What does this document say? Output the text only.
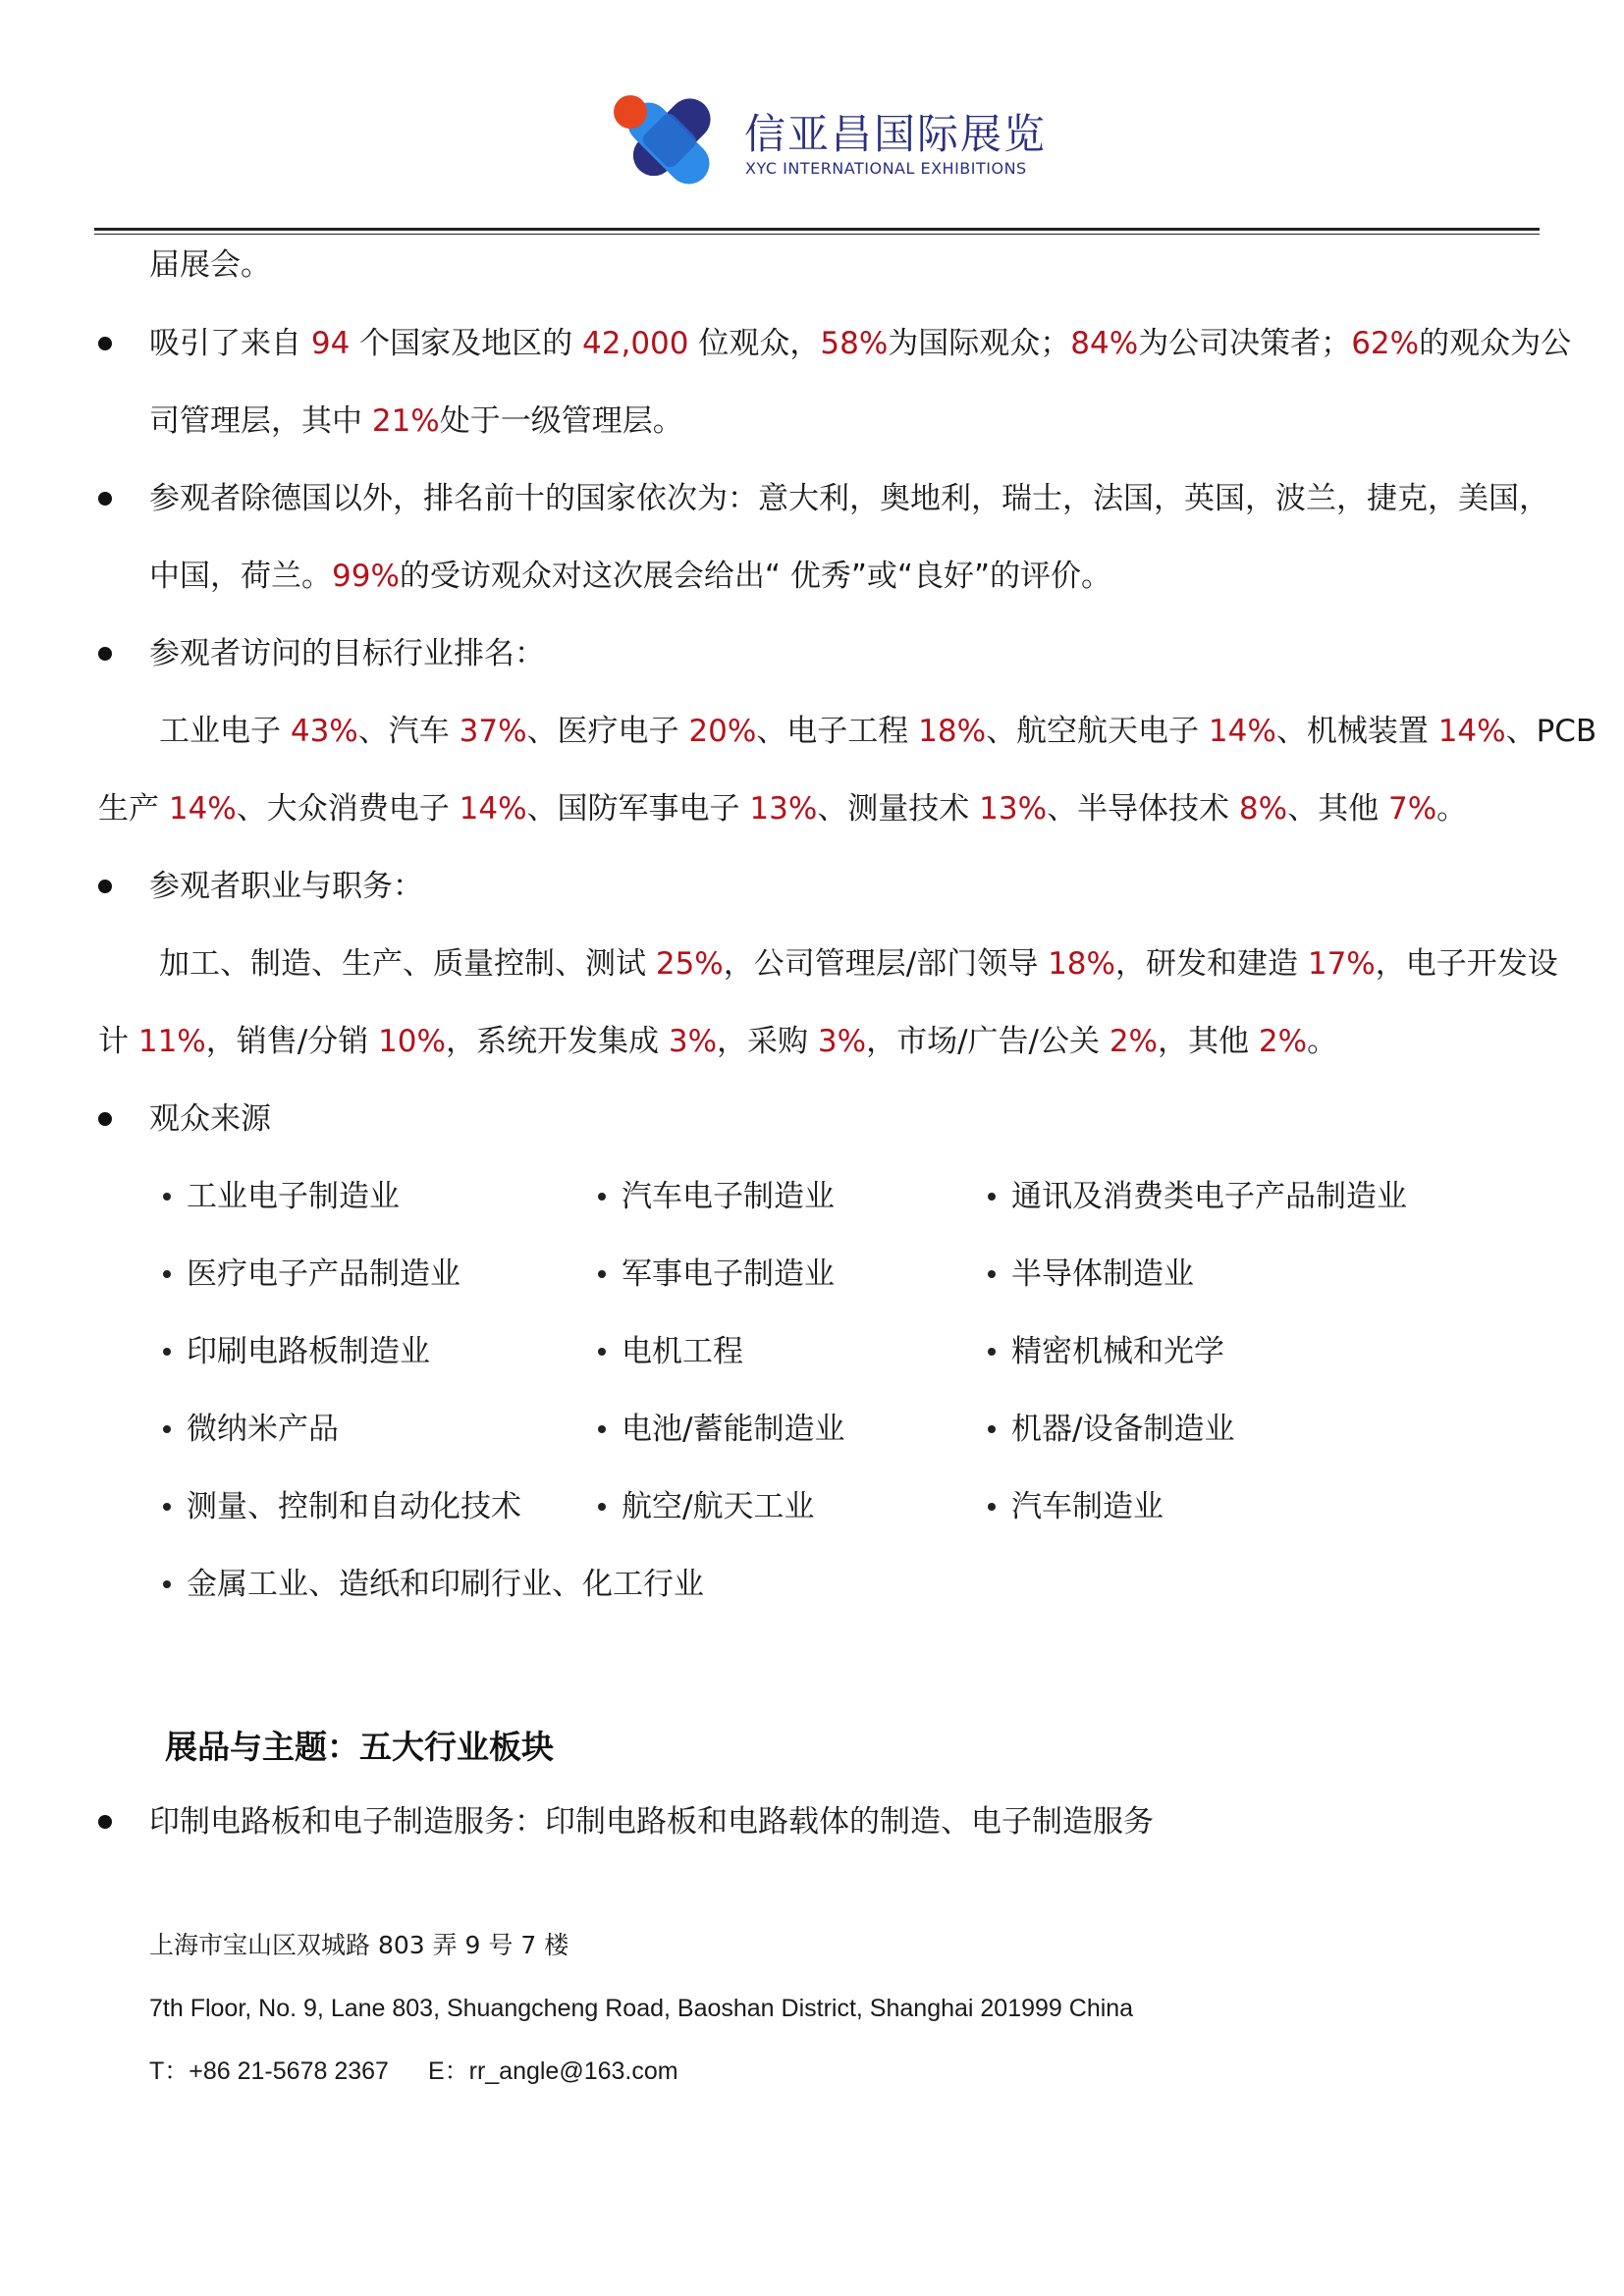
信亚昌国际展览
XYC INTERNATIONAL EXHIBITIONS
届展会。
吸引了来自 94 个国家及地区的 42,000 位观众，58%为国际观众；84%为公司决策者；62%的观众为公
司管理层，其中 21%处于一级管理层。
参观者除德国以外，排名前十的国家依次为：意大利，奥地利，瑞士，法国，英国，波兰，捷克，美国，
中国，荷兰。99%的受访观众对这次展会给出“ 优秀”或“良好”的评价。
参观者访问的目标行业排名：
工业电子 43%、汽车 37%、医疗电子 20%、电子工程 18%、航空航天电子 14%、机械装置 14%、PCB
生产 14%、大众消费电子 14%、国防军事电子 13%、测量技术 13%、半导体技术 8%、其他 7%。
参观者职业与职务：
加工、制造、生产、质量控制、测试 25%，公司管理层/部门领导 18%，研发和建造 17%，电子开发设
计 11%，销售/分销 10%，系统开发集成 3%，采购 3%，市场/广告/公关 2%，其他 2%。
观众来源
工业电子制造业	汽车电子制造业	通讯及消费类电子产品制造业
医疗电子产品制造业	军事电子制造业	半导体制造业
印刷电路板制造业	电机工程	精密机械和光学
微纳米产品	电池/蓄能制造业	机器/设备制造业
测量、控制和自动化技术	航空/航天工业	汽车制造业
金属工业、造纸和印刷行业、化工行业
展品与主题：五大行业板块
印制电路板和电子制造服务：印制电路板和电路载体的制造、电子制造服务
上海市宝山区双城路 803 弄 9 号 7 楼
7th Floor, No. 9, Lane 803, Shuangcheng Road, Baoshan District, Shanghai 201999 China
T：+86 21-5678 2367 E：rr_angle@163.com
